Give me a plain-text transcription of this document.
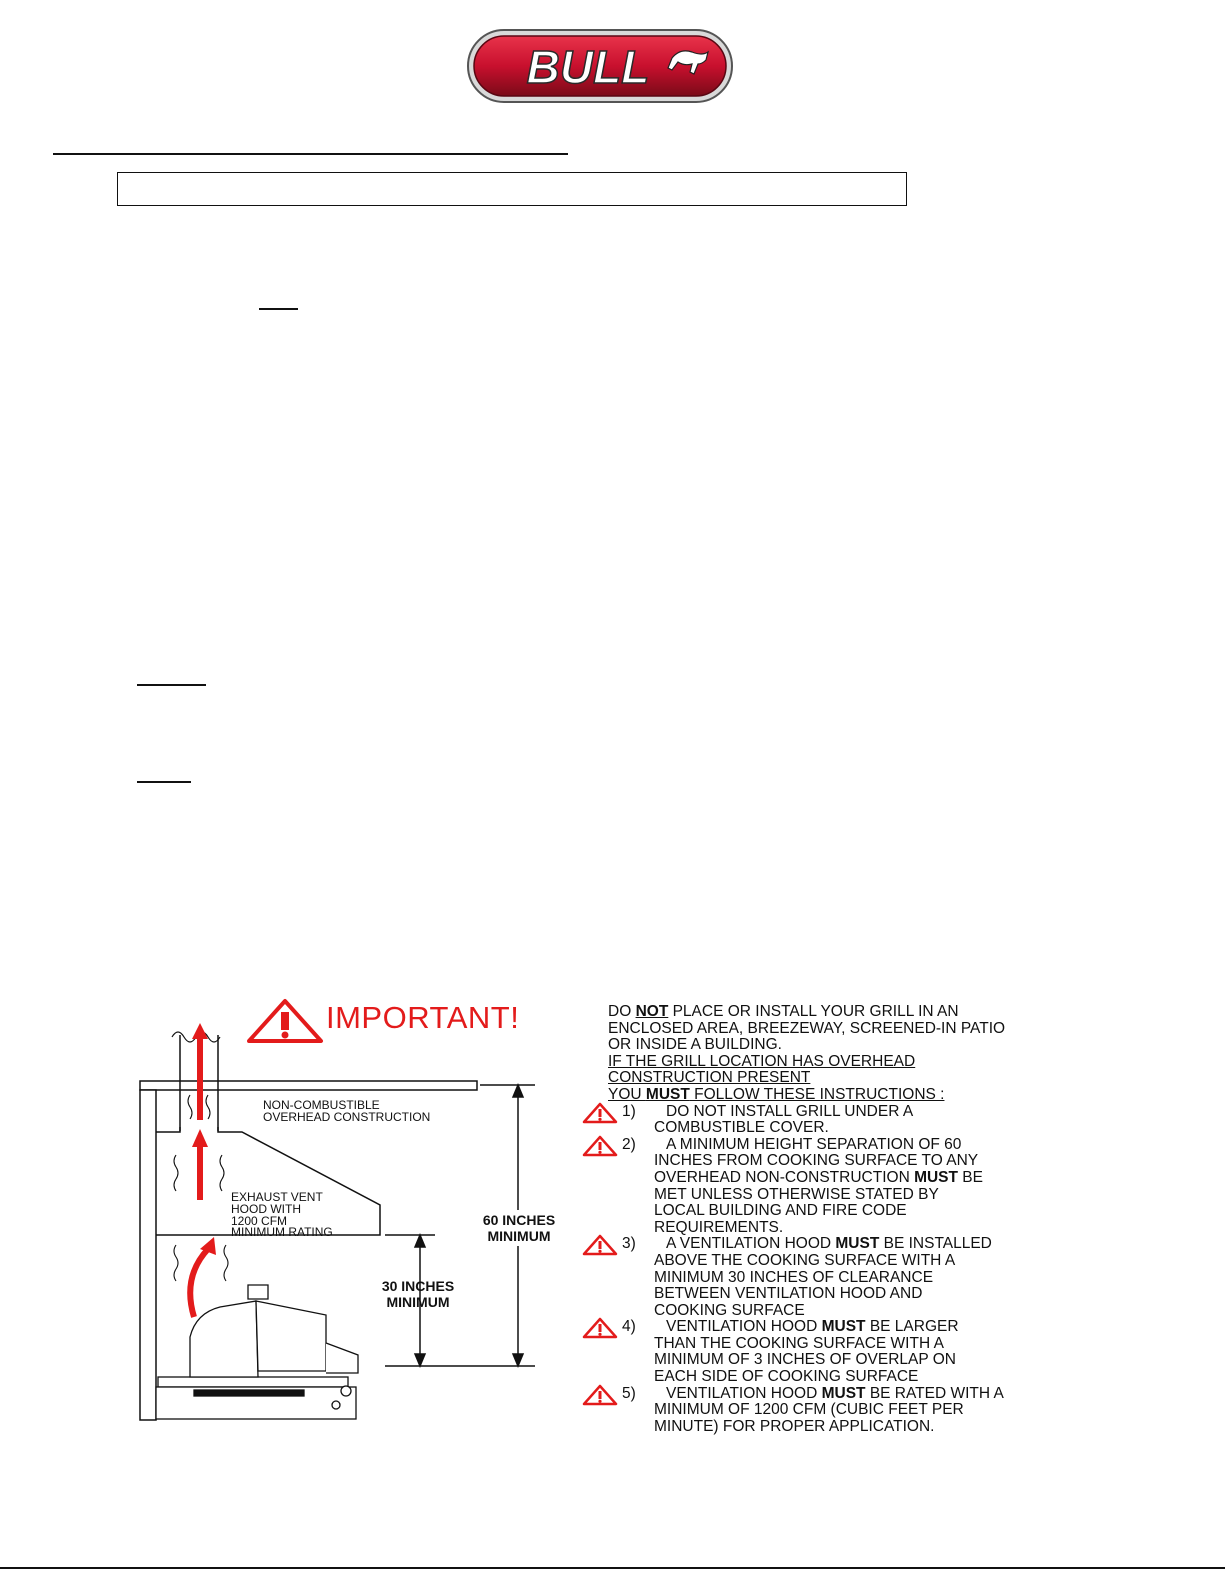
BULL
NON-COMBUSTIBLE
OVERHEAD CONSTRUCTION
EXHAUST VENT
HOOD WITH
1200 CFM
MINIMUM RATING
60 INCHES
MINIMUM
30 INCHES
MINIMUM
IMPORTANT!	DO NOT PLACE OR INSTALL YOUR GRILL IN AN
ENCLOSED AREA, BREEZEWAY, SCREENED-IN PATIO
OR INSIDE A BUILDING.
IF THE GRILL LOCATION HAS OVERHEAD
CONSTRUCTION PRESENT
YOU MUST FOLLOW THESE INSTRUCTIONS :
1) DO NOT INSTALL GRILL UNDER A
COMBUSTIBLE COVER.
2) A MINIMUM HEIGHT SEPARATION OF 60
INCHES FROM COOKING SURFACE TO ANY
OVERHEAD NON-CONSTRUCTION MUST BE
MET UNLESS OTHERWISE STATED BY
LOCAL BUILDING AND FIRE CODE
REQUIREMENTS.
3) A VENTILATION HOOD MUST BE INSTALLED
ABOVE THE COOKING SURFACE WITH A
MINIMUM 30 INCHES OF CLEARANCE
BETWEEN VENTILATION HOOD AND
COOKING SURFACE
4) VENTILATION HOOD MUST BE LARGER
THAN THE COOKING SURFACE WITH A
MINIMUM OF 3 INCHES OF OVERLAP ON
EACH SIDE OF COOKING SURFACE
5) VENTILATION HOOD MUST BE RATED WITH A
MINIMUM OF 1200 CFM (CUBIC FEET PER
MINUTE) FOR PROPER APPLICATION.
